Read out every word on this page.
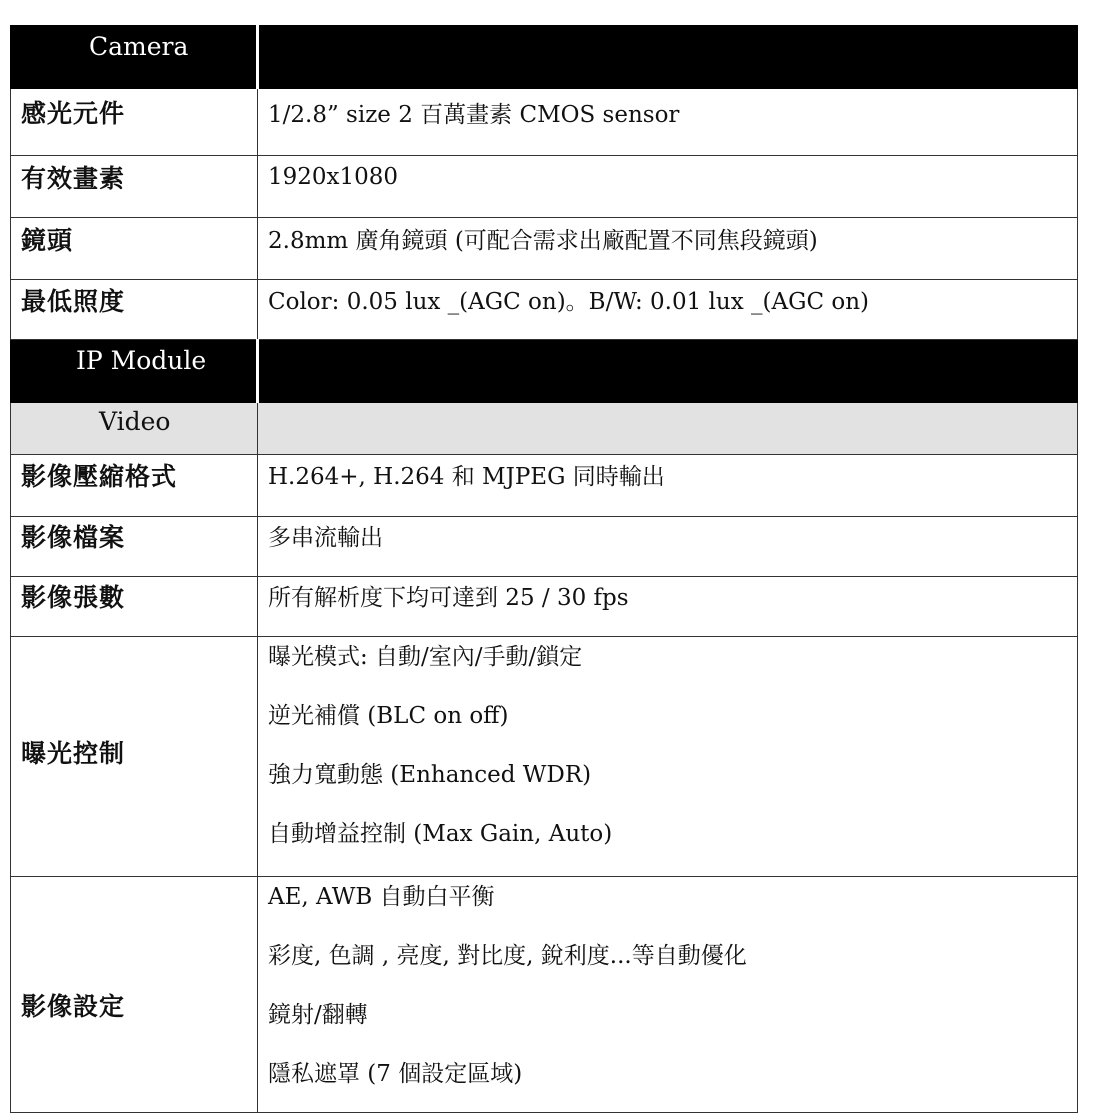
Camera	

感光元件	1/2.8” size 2 百萬畫素 CMOS sensor

有效畫素	1920x1080

鏡頭	2.8mm 廣角鏡頭 (可配合需求出廠配置不同焦段鏡頭)

最低照度	Color: 0.05 lux _(AGC on)。B/W: 0.01 lux _(AGC on)

IP Module	

Video	

影像壓縮格式	H.264+, H.264 和 MJPEG 同時輸出

影像檔案	多串流輸出

影像張數	所有解析度下均可達到 25 / 30 fps

曝光控制	曝光模式: 自動/室內/手動/鎖定
逆光補償 (BLC on off)
強力寬動態 (Enhanced WDR)
自動增益控制 (Max Gain, Auto)

影像設定	AE, AWB 自動白平衡
彩度, 色調 , 亮度, 對比度, 銳利度...等自動優化
鏡射/翻轉
隱私遮罩 (7 個設定區域)
